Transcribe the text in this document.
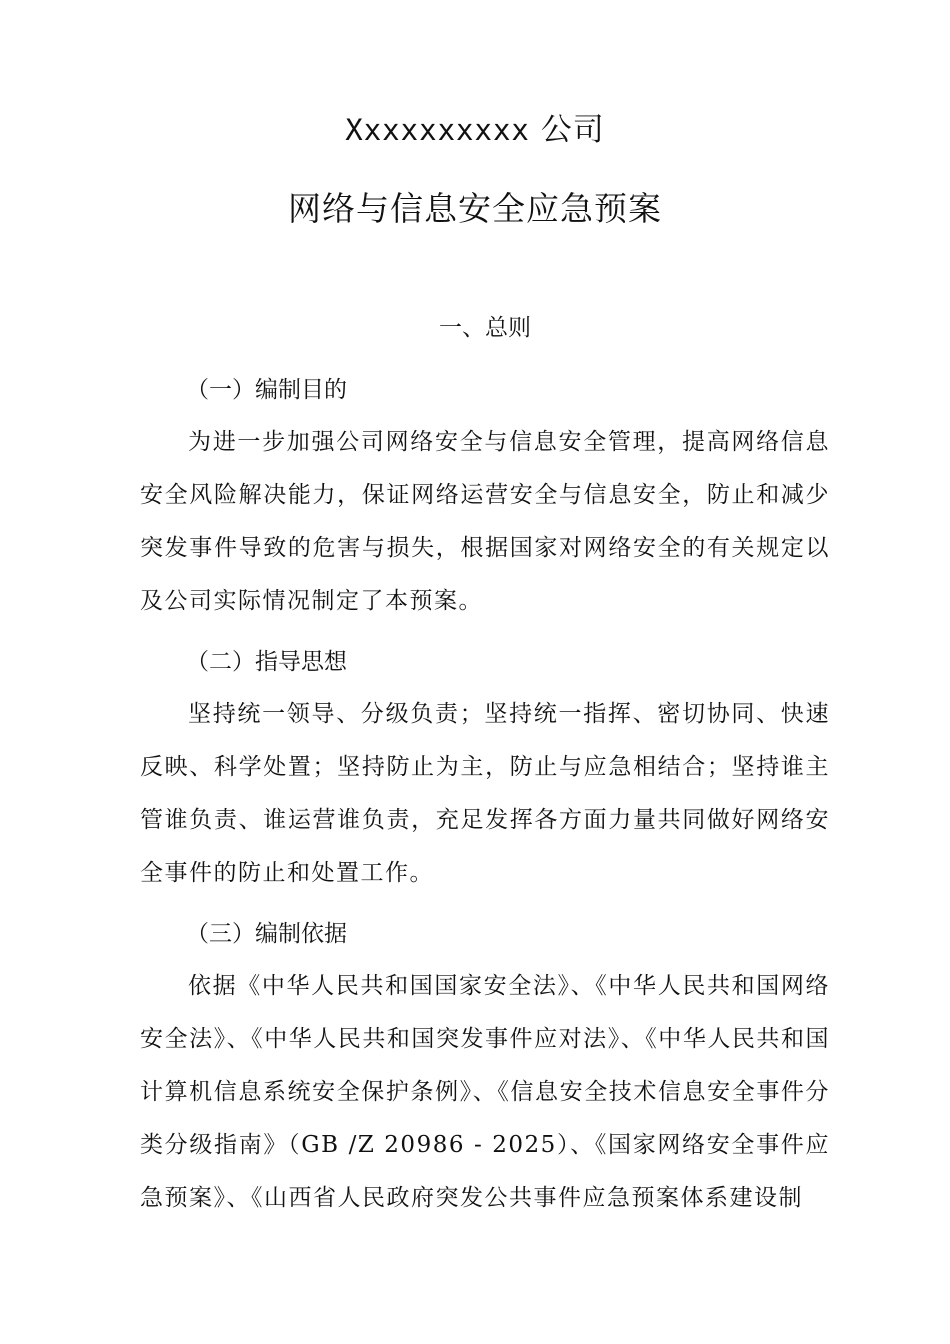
Xxxxxxxxxx 公司
网络与信息安全应急预案
一、总则
（一）编制目的

为进一步加强公司网络安全与信息安全管理，提高网络信息安全风险解决能力，保证网络运营安全与信息安全，防止和减少突发事件导致的危害与损失，根据国家对网络安全的有关规定以及公司实际情况制定了本预案。

（二）指导思想

坚持统一领导、分级负责；坚持统一指挥、密切协同、快速反映、科学处置；坚持防止为主，防止与应急相结合；坚持谁主管谁负责、谁运营谁负责，充足发挥各方面力量共同做好网络安全事件的防止和处置工作。

（三）编制依据

依据《中华人民共和国国家安全法》、《中华人民共和国网络安全法》、《中华人民共和国突发事件应对法》、《中华人民共和国计算机信息系统安全保护条例》、《信息安全技术信息安全事件分类分级指南》（GB /Z 20986 - 2025）、《国家网络安全事件应急预案》、《山西省人民政府突发公共事件应急预案体系建设制
